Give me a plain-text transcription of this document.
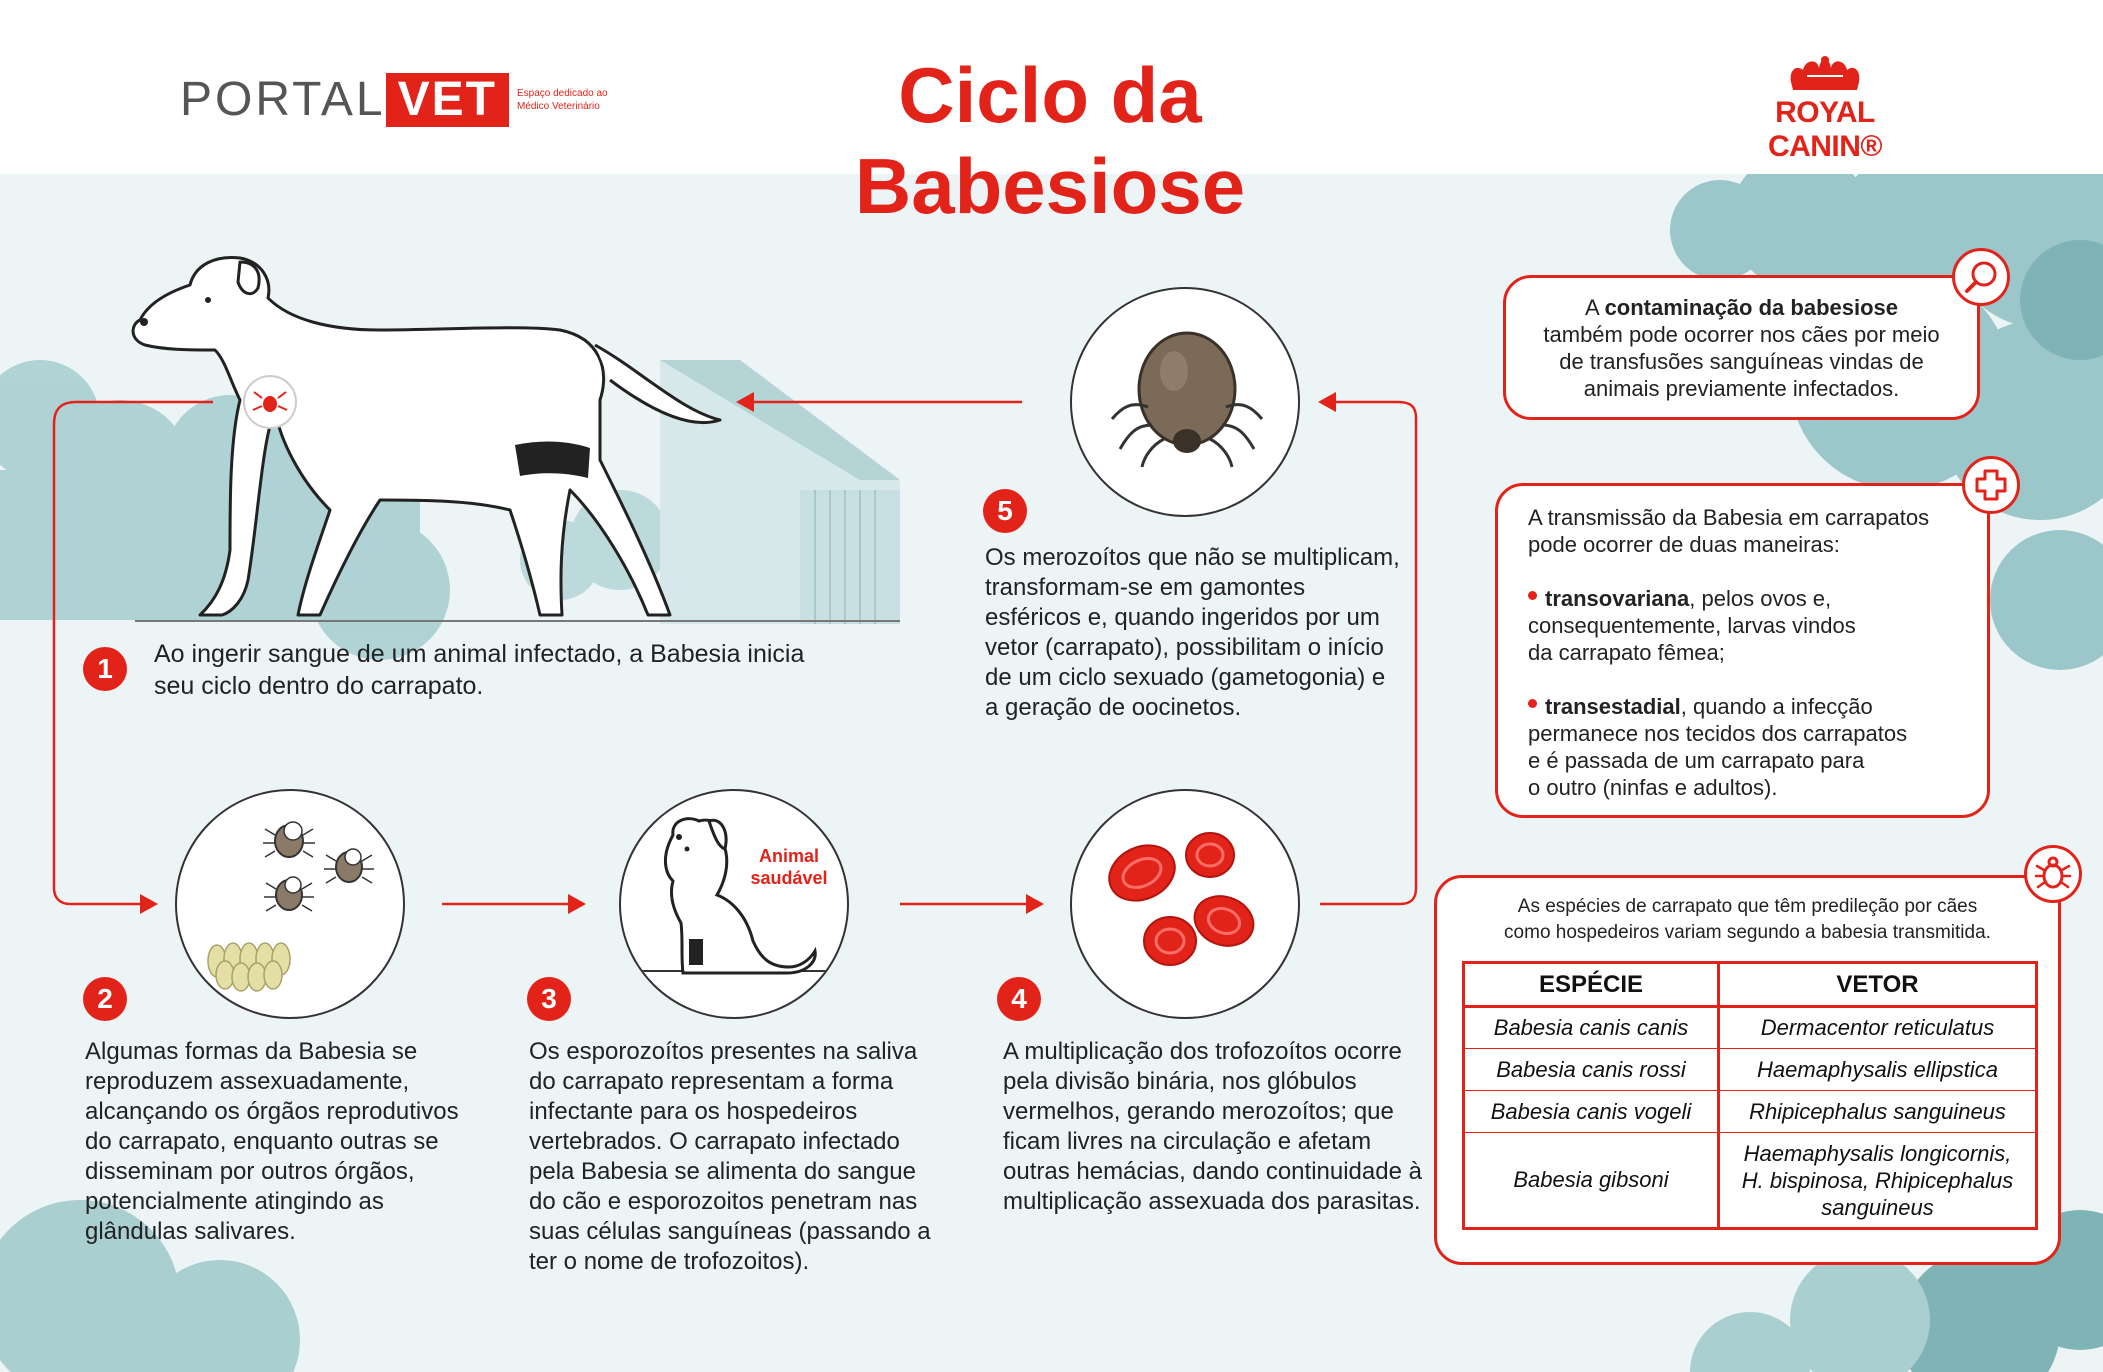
PORTAL VET	Espaço dedicado ao Médico Veterinário	Ciclo da Babesiose
ROYAL CANIN®
1	Ao ingerir sangue de um animal infectado, a Babesia inicia seu ciclo dentro do carrapato.
2
Algumas formas da Babesia se reproduzem assexuadamente, alcançando os órgãos reprodutivos do carrapato, enquanto outras se disseminam por outros órgãos, potencialmente atingindo as glândulas salivares.
Animal
saudável
3
Os esporozoítos presentes na saliva do carrapato representam a forma infectante para os hospedeiros vertebrados. O carrapato infectado pela Babesia se alimenta do sangue do cão e esporozoitos penetram nas suas células sanguíneas (passando a ter o nome de trofozoitos).
4
A multiplicação dos trofozoítos ocorre pela divisão binária, nos glóbulos vermelhos, gerando merozoítos; que ficam livres na circulação e afetam outras hemácias, dando continuidade à multiplicação assexuada dos parasitas.
5
Os merozoítos que não se multiplicam, transformam-se em gamontes esféricos e, quando ingeridos por um vetor (carrapato), possibilitam o início de um ciclo sexuado (gametogonia) e a geração de oocinetos.
A contaminação da babesiose
também pode ocorrer nos cães por meio
de transfusões sanguíneas vindas de
animais previamente infectados.
A transmissão da Babesia em carrapatos
pode ocorrer de duas maneiras:
transovariana, pelos ovos e,
consequentemente, larvas vindos
da carrapato fêmea;
transestadial, quando a infecção
permanece nos tecidos dos carrapatos
e é passada de um carrapato para
o outro (ninfas e adultos).
As espécies de carrapato que têm predileção por cães
como hospedeiros variam segundo a babesia transmitida.
ESPÉCIE	VETOR
Babesia canis canis	Dermacentor reticulatus
Babesia canis rossi	Haemaphysalis ellipstica
Babesia canis vogeli	Rhipicephalus sanguineus
Babesia gibsoni	Haemaphysalis longicornis, H. bispinosa, Rhipicephalus sanguineus
